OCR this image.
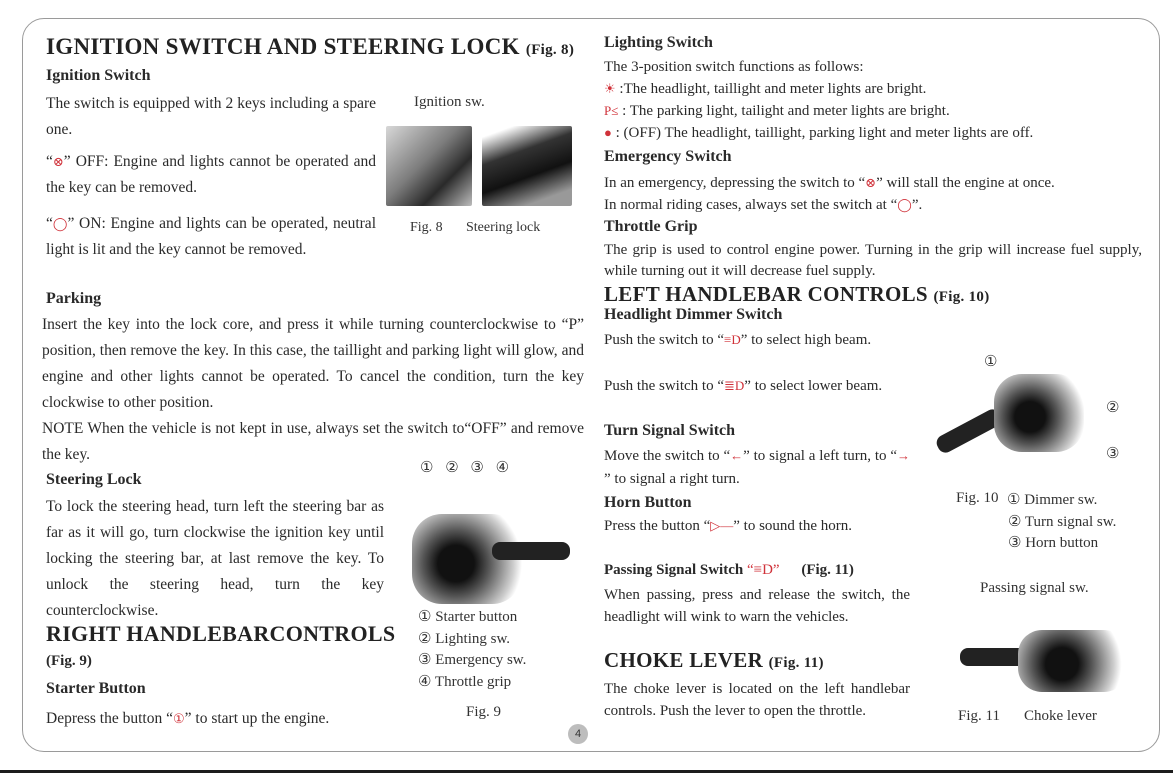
IGNITION SWITCH AND STEERING LOCK (Fig. 8)
Ignition Switch
The switch is equipped with 2 keys including a spare one.
“⊗” OFF: Engine and lights cannot be operated and the key can be removed.
“◯” ON: Engine and lights can be operated, neutral light is lit and the key cannot be removed.
Parking
Insert the key into the lock core, and press it while turning counterclockwise to “P” position, then remove the key. In this case, the taillight and parking light will glow, and engine and other lights cannot be operated. To cancel the condition, turn the key clockwise to other position.
NOTE When the vehicle is not kept in use, always set the switch to“OFF” and remove the key.
Steering Lock
To lock the steering head, turn left the steering bar as far as it will go, turn clockwise the ignition key until locking the steering bar, at last remove the key. To unlock the steering head, turn the key counterclockwise.
RIGHT HANDLEBARCONTROLS
(Fig. 9)
Starter Button
Depress the button “①” to start up the engine.
Ignition sw.
Fig. 8 Steering lock
① ② ③ ④
① Starter button
② Lighting sw.
③ Emergency sw.
④ Throttle grip
Fig. 9
Lighting Switch
The 3-position switch functions as follows:
☀ :The headlight, taillight and meter lights are bright.
P≤ : The parking light, tailight and meter lights are bright.
● : (OFF) The headlight, taillight, parking light and meter lights are off.
Emergency Switch
In an emergency, depressing the switch to “⊗” will stall the engine at once.
In normal riding cases, always set the switch at “◯”.
Throttle Grip
The grip is used to control engine power. Turning in the grip will increase fuel supply, while turning out it will decrease fuel supply.
LEFT HANDLEBAR CONTROLS (Fig. 10)
Headlight Dimmer Switch
Push the switch to “≡D” to select high beam.
Push the switch to “≣D” to select lower beam.
Turn Signal Switch
Move the switch to “←” to signal a left turn, to “→” to signal a right turn.
Horn Button
Press the button “▷—” to sound the horn.
Passing Signal Switch “≡D” (Fig. 11)
When passing, press and release the switch, the headlight will wink to warn the vehicles.
CHOKE LEVER (Fig. 11)
The choke lever is located on the left handlebar controls. Push the lever to open the throttle.
①
②
③
Fig. 10 ① Dimmer sw.
② Turn signal sw.
③ Horn button
Passing signal sw.
Fig. 11 Choke lever
4
